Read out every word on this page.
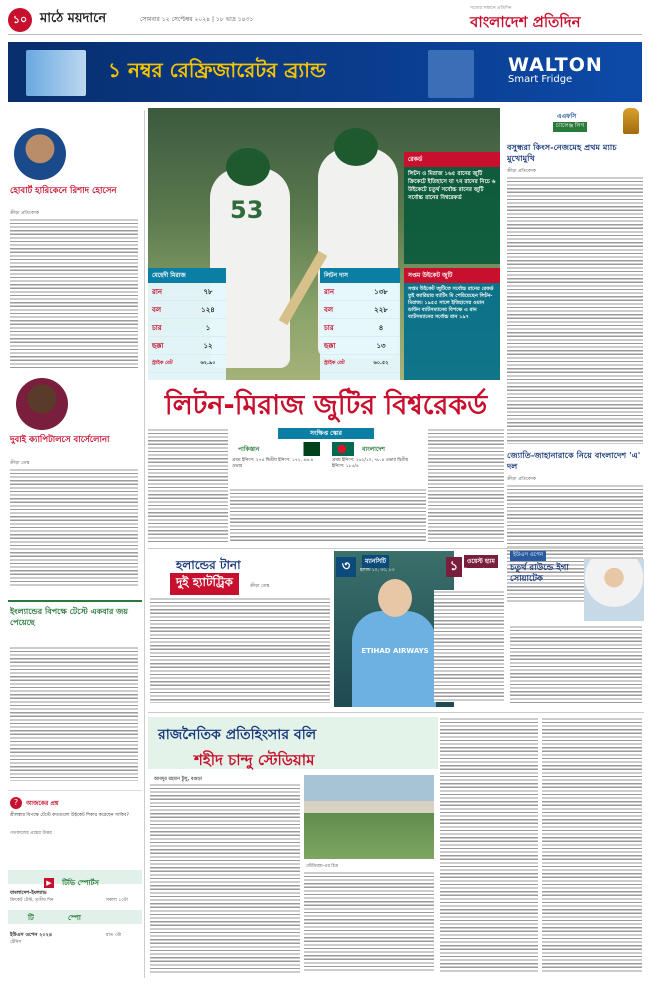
১০ মাঠে ময়দানে	সোমবার ১২ সেপ্টেম্বর ২০২৪ | ১৮ ভাদ্র ১৪৩১
সত্যের সন্ধানে প্রতিদিন
বাংলাদেশ প্রতিদিন
১ নম্বর রেফ্রিজারেটর ব্র্যান্ড	WALTON
Smart Fridge
হোবার্ট হারিকেনে রিশাদ হোসেন
ক্রীড়া প্রতিবেদক
দুবাই ক্যাপিটালসে বার্সেলোনা
ক্রীড়া ডেস্ক
ইংল্যান্ডের বিপক্ষে টেস্টে একবার জয় পেয়েছে
?	আজকের প্রশ্ন
শ্রীলঙ্কার বিপক্ষে টেস্টে কতগুলো উইকেট শিকার করেছেন সাকিব?
গতকালের প্রশ্নের উত্তর
▶ টিভি স্পোর্টস
বাংলাদেশ-ইংল্যান্ড
ক্রিকেট টেস্ট, তৃতীয় দিন	সকাল ১০টা
টি	স্পো
ইউএস ওপেন ২০২৪
টেনিস
রাত ৩টা
53
রেকর্ড
লিটন ও মিরাজ ১৬৫ রানের জুটি ক্রিকেটে ইতিহাসে যা ৭ম রানের নিচে ৬ উইকেটে চতুর্থ সর্বোচ্চ রানের জুটি সর্বোচ্চ রানের বিশ্বরেকর্ড
সপ্তম উইকেট জুটি
সপ্তম উইকেট জুটিতে সর্বোচ্চ রানের রেকর্ড তুই ক্যারিয়ার ব্যাটিং মি পেরিয়েছেন লিটন-মিরাজ। ১৯৫৫ সালে ইতিহাসের ওয়ান ডাউন ব্যাটসম্যানের বিপক্ষে এ রান ব্যাটসম্যানের সর্বোচ্চ রান ১৯৭
মেহেদী মিরাজ
রান	৭৮
বল	১২৪
চার	১
ছক্কা	১২
স্ট্রাইক রেট	৬২.৯০
লিটন দাস
রান	১৩৮
বল	২২৮
চার	৪
ছক্কা	১৩
স্ট্রাইক রেট	৬০.৫২
এএফসি
চ্যালেঞ্জ লিগ
বসুন্ধরা কিংস-নেজমেহ প্রথম ম্যাচ মুখোমুখি
ক্রীড়া প্রতিবেদক
জ্যোতি-জাহানারাকে নিয়ে বাংলাদেশ 'এ' দল
ক্রীড়া প্রতিবেদক
লিটন-মিরাজ জুটির বিশ্বরেকর্ড
সংক্ষিপ্ত স্কোর
পাকিস্তান	বাংলাদেশ
প্রথম ইনিংস: ২৭৪ দ্বিতীয় ইনিংস: ১৭২, ৪৬.৪ ওভার
প্রথম ইনিংস: ২৬২/১০, ৭৮.৪ ওভার দ্বিতীয় ইনিংস: ১৮৫/৪
হলান্ডের টানা
দুই হ্যাটট্রিক	ক্রীড়া ডেস্ক
ETIHAD AIRWAYS
ম্যানসিটি
৩	ওয়েস্ট হ্যাম
১
হলান্ড ১০, ৩০, ৮৩	দিয়াস ১৯ (আত্মঘাতী)
ইউএস ওপেন
চতুর্থ রাউন্ডে ইগা সোয়াটেক
রাজনৈতিক প্রতিহিংসার বলি
শহীদ চান্দু স্টেডিয়াম
আবদুর রহমান টুলু, বগুড়া
স্টেডিয়াম-এর চিত্র
